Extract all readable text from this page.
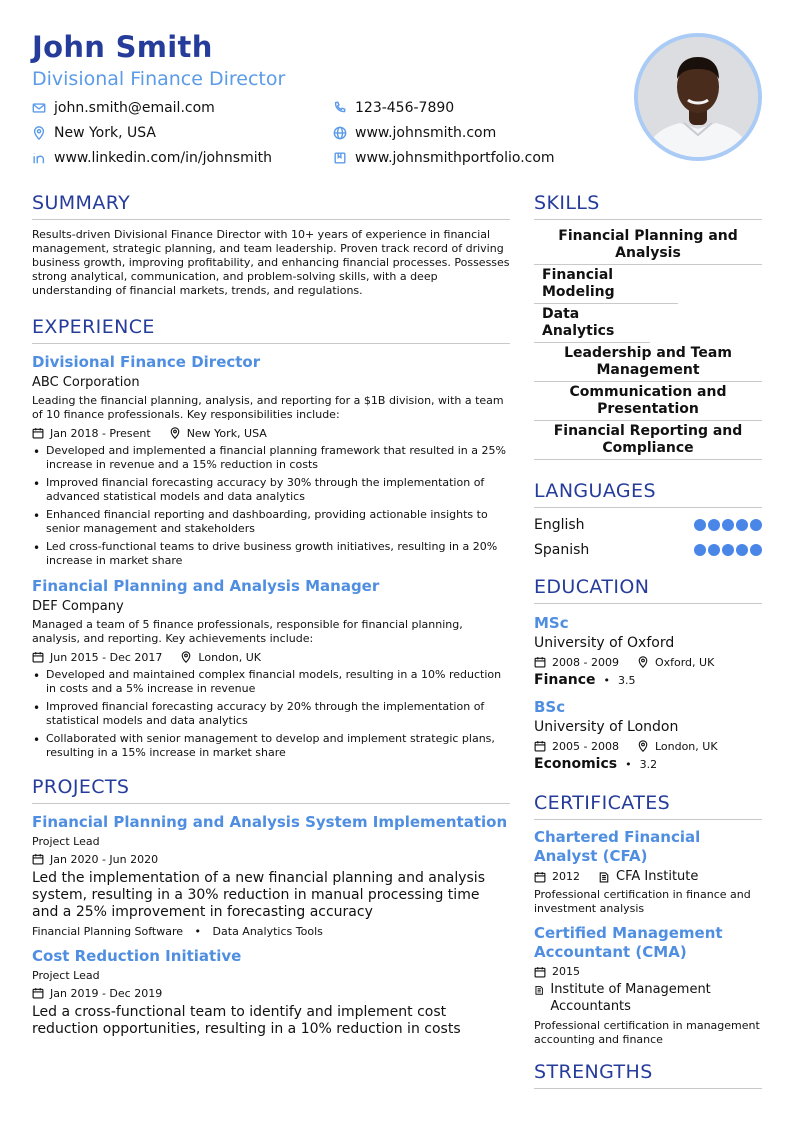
John Smith
Divisional Finance Director
john.smith@email.com	123-456-7890
New York, USA	www.johnsmith.com
www.linkedin.com/in/johnsmith	www.johnsmithportfolio.com
SUMMARY
Results-driven Divisional Finance Director with 10+ years of experience in financial management, strategic planning, and team leadership. Proven track record of driving business growth, improving profitability, and enhancing financial processes. Possesses strong analytical, communication, and problem-solving skills, with a deep understanding of financial markets, trends, and regulations.
EXPERIENCE
Divisional Finance Director
ABC Corporation
Leading the financial planning, analysis, and reporting for a $1B division, with a team of 10 finance professionals. Key responsibilities include:
Jan 2018 - Present	New York, USA
• Developed and implemented a financial planning framework that resulted in a 25% increase in revenue and a 15% reduction in costs
• Improved financial forecasting accuracy by 30% through the implementation of advanced statistical models and data analytics
• Enhanced financial reporting and dashboarding, providing actionable insights to senior management and stakeholders
• Led cross-functional teams to drive business growth initiatives, resulting in a 20% increase in market share
Financial Planning and Analysis Manager
DEF Company
Managed a team of 5 finance professionals, responsible for financial planning, analysis, and reporting. Key achievements include:
Jun 2015 - Dec 2017	London, UK
• Developed and maintained complex financial models, resulting in a 10% reduction in costs and a 5% increase in revenue
• Improved financial forecasting accuracy by 20% through the implementation of statistical models and data analytics
• Collaborated with senior management to develop and implement strategic plans, resulting in a 15% increase in market share
PROJECTS
Financial Planning and Analysis System Implementation
Project Lead
Jan 2020 - Jun 2020
Led the implementation of a new financial planning and analysis system, resulting in a 30% reduction in manual processing time and a 25% improvement in forecasting accuracy
Financial Planning Software • Data Analytics Tools
Cost Reduction Initiative
Project Lead
Jan 2019 - Dec 2019
Led a cross-functional team to identify and implement cost reduction opportunities, resulting in a 10% reduction in costs
SKILLS
Financial Planning and Analysis
Financial Modeling
Data Analytics
Leadership and Team Management
Communication and Presentation
Financial Reporting and Compliance
LANGUAGES
English
Spanish
EDUCATION
MSc
University of Oxford
2008 - 2009	Oxford, UK
Finance • 3.5
BSc
University of London
2005 - 2008	London, UK
Economics • 3.2
CERTIFICATES
Chartered Financial Analyst (CFA)
2012	CFA Institute
Professional certification in finance and investment analysis
Certified Management Accountant (CMA)
2015
Institute of Management Accountants
Professional certification in management accounting and finance
STRENGTHS
